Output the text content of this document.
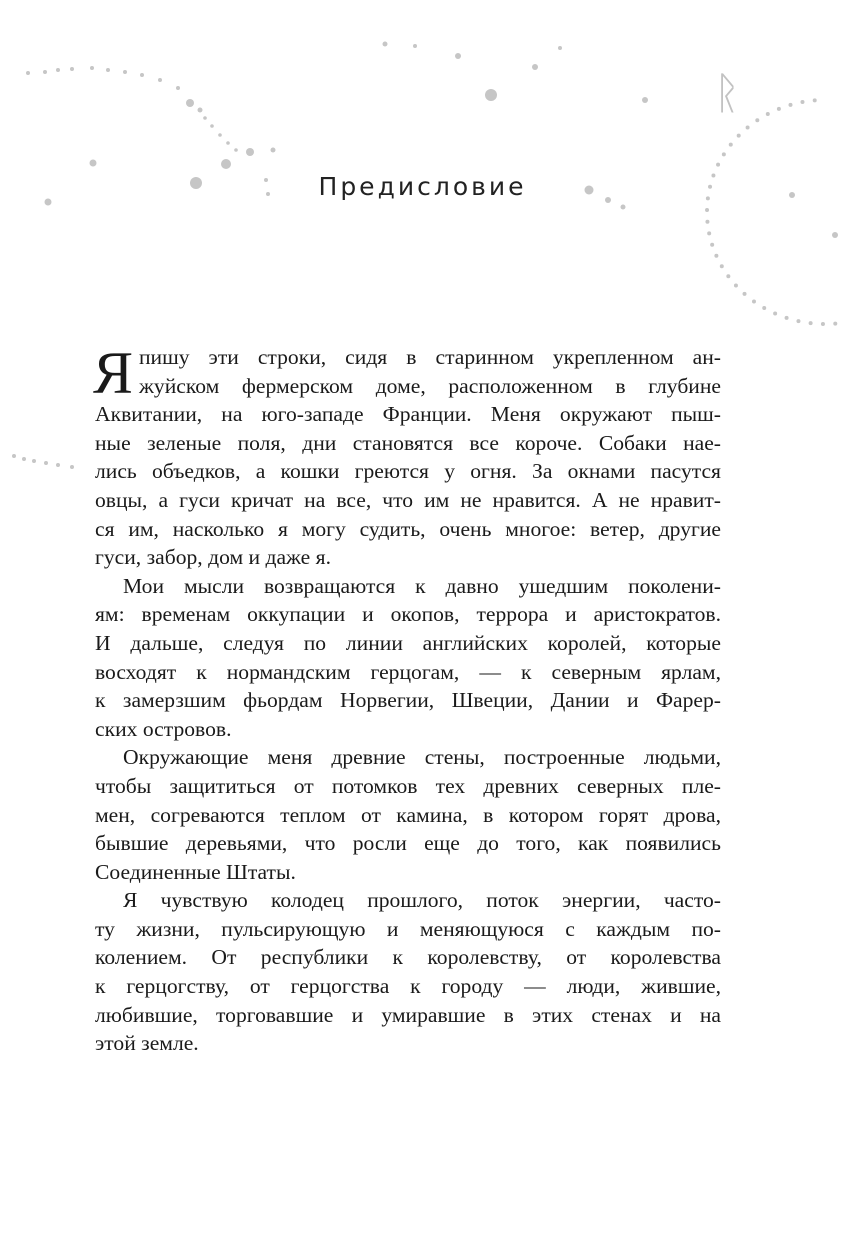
ᚱ
Предисловие
Я пишу эти строки, сидя в старинном укрепленном ан-
жуйском фермерском доме, расположенном в глубине
Аквитании, на юго-западе Франции. Меня окружают пыш-
ные зеленые поля, дни становятся все короче. Собаки нае-
лись объедков, а кошки греются у огня. За окнами пасутся
овцы, а гуси кричат на все, что им не нравится. А не нравит-
ся им, насколько я могу судить, очень многое: ветер, другие
гуси, забор, дом и даже я.
Мои мысли возвращаются к давно ушедшим поколени-
ям: временам оккупации и окопов, террора и аристократов.
И дальше, следуя по линии английских королей, которые
восходят к нормандским герцогам, — к северным ярлам,
к замерзшим фьордам Норвегии, Швеции, Дании и Фарер-
ских островов.
Окружающие меня древние стены, построенные людьми,
чтобы защититься от потомков тех древних северных пле-
мен, согреваются теплом от камина, в котором горят дрова,
бывшие деревьями, что росли еще до того, как появились
Соединенные Штаты.
Я чувствую колодец прошлого, поток энергии, часто-
ту жизни, пульсирующую и меняющуюся с каждым по-
колением. От республики к королевству, от королевства
к герцогству, от герцогства к городу — люди, жившие,
любившие, торговавшие и умиравшие в этих стенах и на
этой земле.
